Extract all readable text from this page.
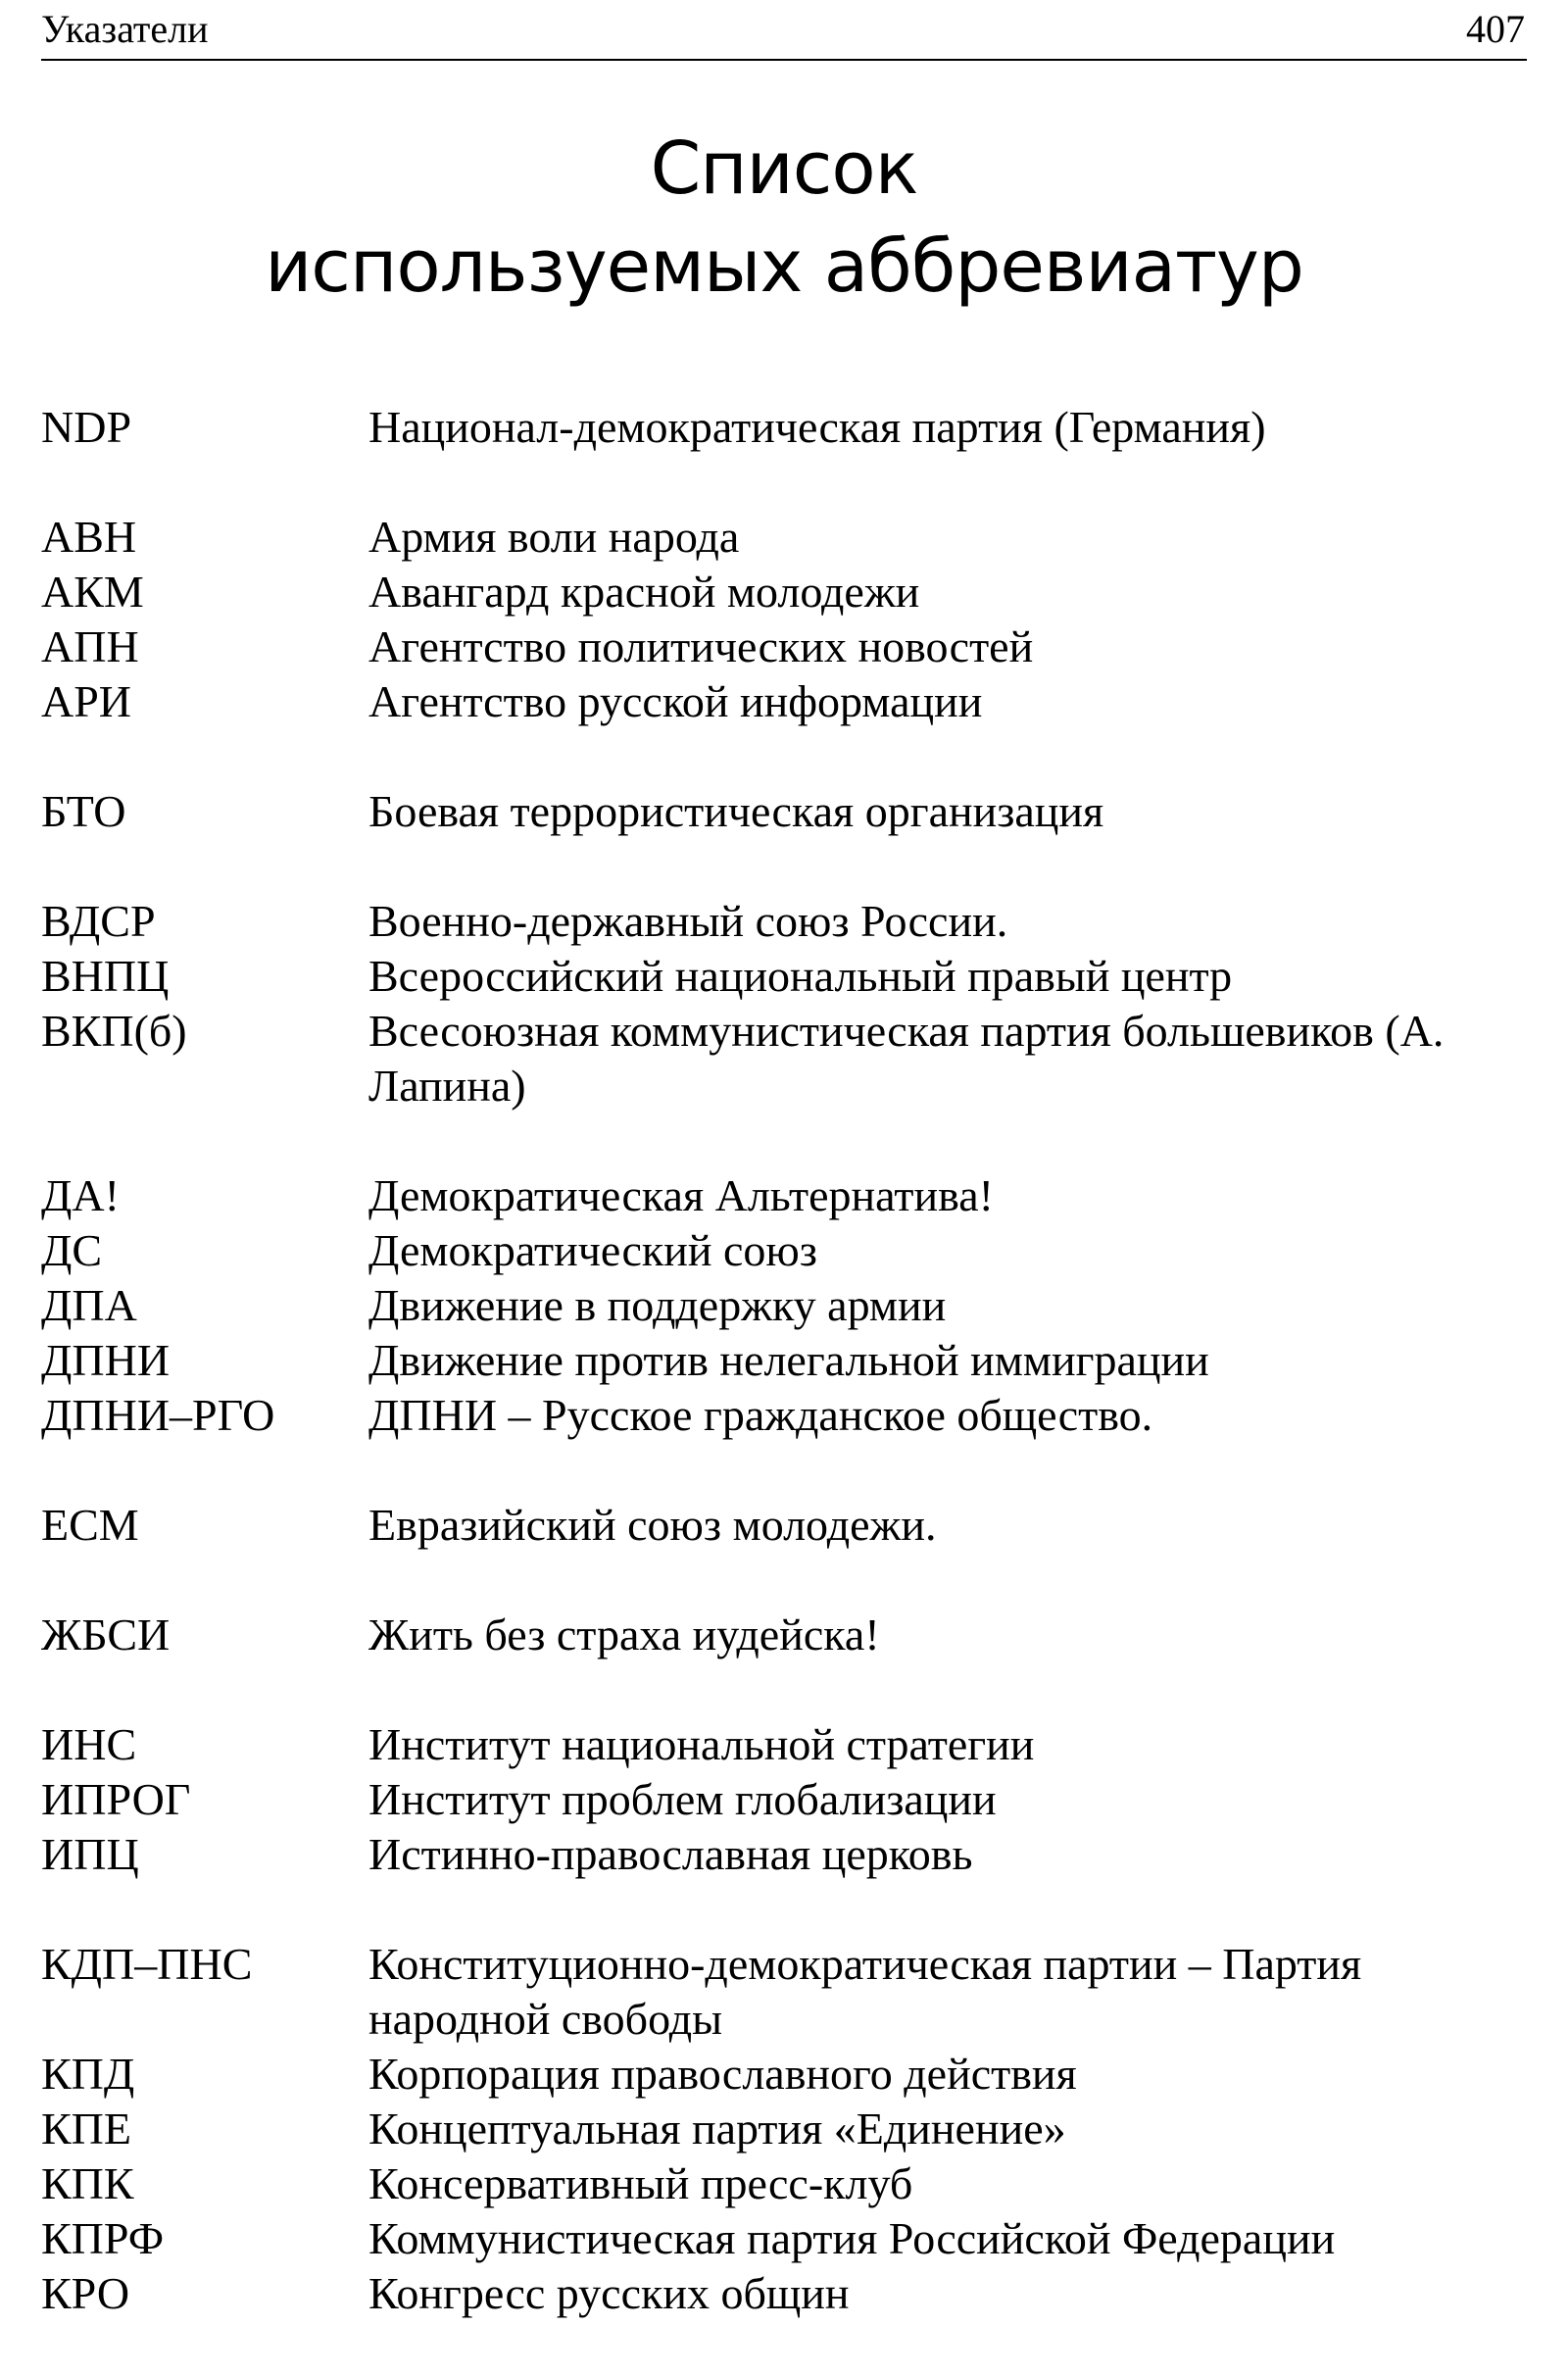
Указатели	407
Список
используемых аббревиатур
NDP	Национал-демократическая партия (Германия)
АВН	Армия воли народа
АКМ	Авангард красной молодежи
АПН	Агентство политических новостей
АРИ	Агентство русской информации
БТО	Боевая террористическая организация
ВДСР	Военно-державный союз России.
ВНПЦ	Всероссийский национальный правый центр
ВКП(б)	Всесоюзная коммунистическая партия большевиков (А. Лапина)
ДА!	Демократическая Альтернатива!
ДС	Демократический союз
ДПА	Движение в поддержку армии
ДПНИ	Движение против нелегальной иммиграции
ДПНИ–РГО	ДПНИ – Русское гражданское общество.
ЕСМ	Евразийский союз молодежи.
ЖБСИ	Жить без страха иудейска!
ИНС	Институт национальной стратегии
ИПРОГ	Институт проблем глобализации
ИПЦ	Истинно-православная церковь
КДП–ПНС	Конституционно-демократическая партии – Партия народной свободы
КПД	Корпорация православного действия
КПЕ	Концептуальная партия «Единение»
КПК	Консервативный пресс-клуб
КПРФ	Коммунистическая партия Российской Федерации
КРО	Конгресс русских общин
